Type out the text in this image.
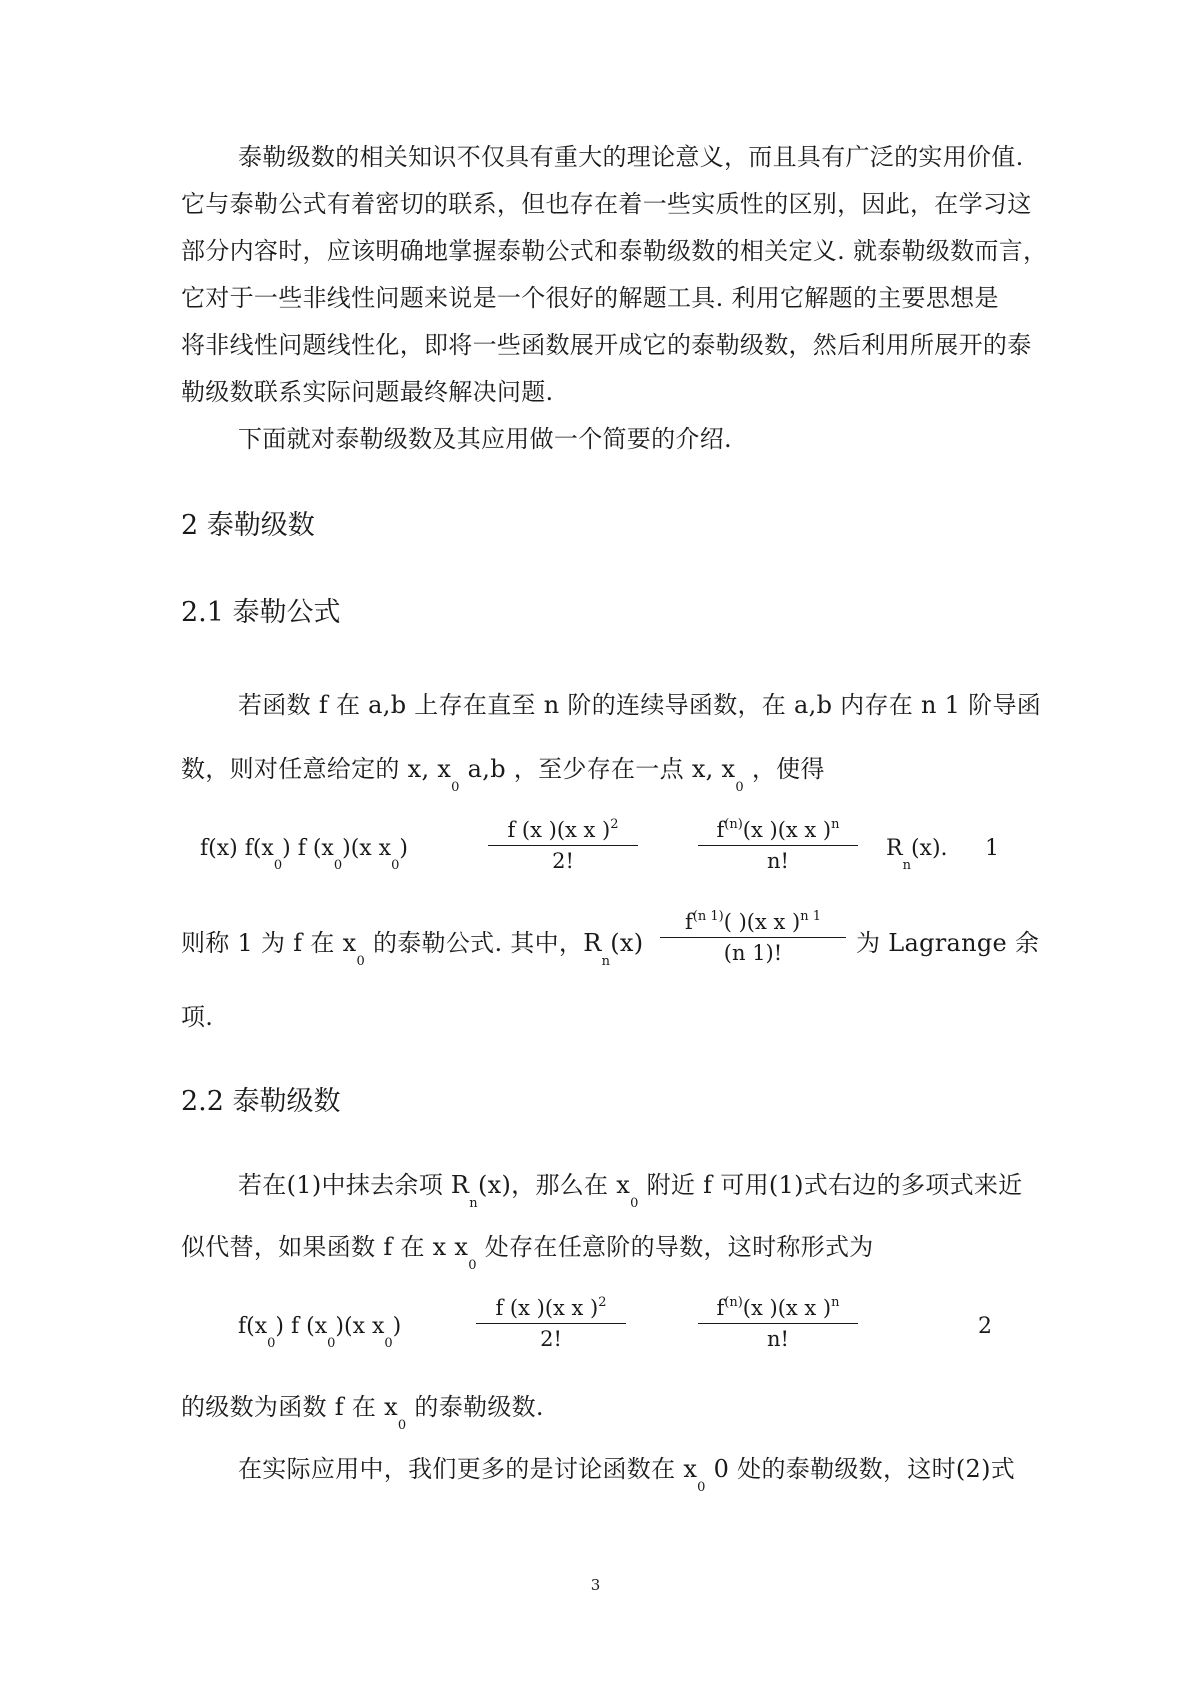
泰勒级数的相关知识不仅具有重大的理论意义，而且具有广泛的实用价值.
它与泰勒公式有着密切的联系，但也存在着一些实质性的区别，因此，在学习这
部分内容时，应该明确地掌握泰勒公式和泰勒级数的相关定义. 就泰勒级数而言，
它对于一些非线性问题来说是一个很好的解题工具. 利用它解题的主要思想是
将非线性问题线性化，即将一些函数展开成它的泰勒级数，然后利用所展开的泰
勒级数联系实际问题最终解决问题.
下面就对泰勒级数及其应用做一个简要的介绍.
2 泰勒级数
2.1 泰勒公式
若函数 f 在 a,b 上存在直至 n 阶的连续导函数，在 a,b 内存在 n 1 阶导函
数，则对任意给定的 x, $x_0$ a,b ，至少存在一点 x, $x_0$ ，使得
f(x) $f(x_0)$ f $(x_0)(x$ $x_0$)
f (x )(x x )$^2$
2!
$f^{(n)}(x$ )(x x )$^n$
n!	$R_n(x)$. 1
则称 1 为 f 在 $x_0$ 的泰勒公式. 其中，$R_n(x)$
$f^{(n 1)}$( )(x x )$^{n 1}$
(n 1)!	为 Lagrange 余
项.
2.2 泰勒级数
若在(1)中抹去余项 $R_n(x)$，那么在 $x_0$ 附近 f 可用(1)式右边的多项式来近
似代替，如果函数 f 在 x $x_0$ 处存在任意阶的导数，这时称形式为
$f(x_0)$ f $(x_0)(x$ $x_0$)
f (x )(x x )$^2$
2!
$f^{(n)}(x$ )(x x )$^n$
n!	2
的级数为函数 f 在 $x_0$ 的泰勒级数.
在实际应用中，我们更多的是讨论函数在 $x_0$ 0 处的泰勒级数，这时(2)式
3
